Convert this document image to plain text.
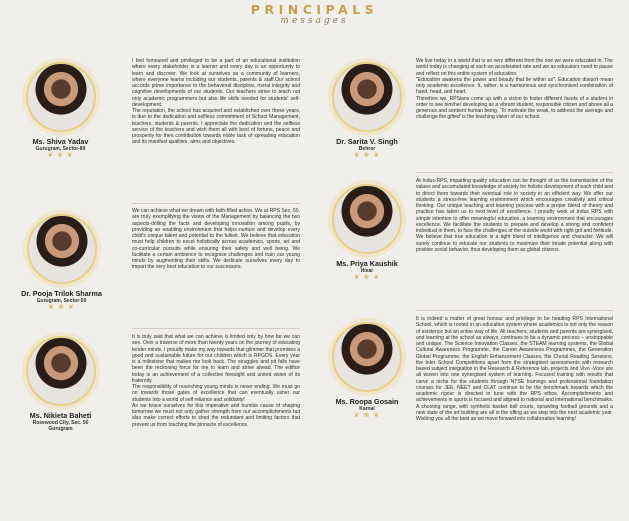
PRINCIPALS
messages
Ms. Shiva Yadav
Gurugram, Sector-89
❦ ❀ ❦
Dr. Pooja Trilok Sharma
Gurugram, Sector-50
❦ ❀ ❦
Ms. Nikieta Baheti
Rosewood City, Sec. 50 Gurugram

I feel honoured and privileged to be a part of an educational institution where every stakeholder is a learner and every day is an opportunity to learn and discover. We look at ourselves as a community of learners, where everyone learns including our students, parents & staff.Our school accords prime importance to the behavioral discipline, moral integrity and cognitive developments of our students. Our teachers strive to teach not only academic programmers but also life skills needed for students' self-development.

The reputation, the school has acquired and established over these years, is due to the dedication and selfless commitment of School Management, teachers, students & parents. I appreciate the dedication and the selfless service of the teachers and wish them all with best of fortune, peace and prosperity for their contribution towards noble task of spreading education and its manifest qualities, aims and objectives.

We can achieve what we dream with faith-filled action. We at RPS Sec. 50, are truly exemplifying the vision of the Management by balancing the two aspects-drilling the facts and developing innovation among pupils, by providing an enabling environment that helps nurture and develop every child's unique talent and potential to the fullest. We believe that education must help children to excel holistically across academics, sports, art and co-curricular pursuits while ensuring their safety and well being. We facilitate a certain ambience to recognise challenges and train our young minds by augmenting their skills. We dedicate ourselves every day to impart the very best education to our successors.

It is truly said that what we can achieve is limited only by how far we can see. Over a traverse of more than twenty years on the journey of educating tender minds, I proudly make my way towards that glimmer that promises a good and sustainable future for our children which is RPGOS. Every year is a milestone that makes me look back. The struggles and pit falls have been the reckoning force for me to learn and strive ahead. The edifice today is an achievement of a collective foresight and united vision of its fraternity.

The responsibility of nourishing young minds is never ending. We must go on towards those gates of excellence that can eventually usher our students into a world of self reliance and solidarity!

As we brace ourselves for this imperative and humble cause of shaping tomorrow we must not only gather strength from our accomplishments but also make correct efforts to shed the redundant and limiting factors that prevent us from touching the pinnacle of excellence.

Dr. Sarita V. Singh
Behror
❦ ❀ ❦
Ms. Priya Kaushik
Hisar
❦ ❀ ❦
Ms. Roopa Gosain
Karnal
❦ ❀ ❦

We live today in a world that is so very different from the one we were educated in. The world today is changing at such an accelerated rate and we as educators need to pause and reflect on this entire system of education.

"Education awakens the power and beauty that lie within us". Education doesn't mean only academic excellence. It, rather, is a harmonious and synchronised combination of hand, head, and heart.

Therefore we, RPSians come up with a vision to foster different facets of a student in order to see him/her developing as a vibrant student, responsible citizen and above all a generous and sentient human being. 'To motivate the weak, to address the average and challenge the gifted' is the teaching vision of our school.

At Indus-RPS, imparting quality education can be thought of as the transmission of the values and accumulated knowledge of society for holistic development of each child and to direct them towards their eventual role in society in an efficient way. We offer our students a stress-free learning environment which encourages creativity and critical thinking. Our unique teaching and learning process with a proper blend of theory and practice has taken us to next level of excellence. I proudly work at Indus RPS with simple intention to offer meaningful education, a learning environment that encourages excellence. We facilitate the students to prepare and develop a strong and confident individual in them, to face the challenges of the outside world with right grit and fortitude. We believe that true education is a right blend of intelligence and character. We will surely continue to educate our students to maximize their innate potential along with positive social behavior, thus developing them as global citizens.

It is indeed a matter of great honour and privilege to be heading RPS International School, which is rooted in an education system where academics is not only the reason of existence but an entire way of life. All teachers, students and parents are synergised, and learning at the school as always, continues to be a dynamic process – unstoppable and unique. The Science Innovation Classes, the STEAM learning systems, the Global Cultural Awareness Programme, the Career Awareness Programmes, the Generation Global Programme, the English Enhancement Classes, the Choral Reading Sessions, the Inter School Competitions apart from the strategised assessments with research based subject integration in the Research & Reference lab, projects and Vivo -Voce are all woven into one synergised system of learning. Focused training with results that carve a niche for the students through NTSE trainings and professional foundation courses for JEE, NEET and CLAT continue to be the benchmark towards which the academic rigour is directed in tune with the RPS ethos. Accomplishments and achievements in sports is focused and aligned to national and international benchmarks. A shooting range, with synthetic basket ball courts, sprawling football grounds and a new state of the art building are all in the offing as we step into the next academic year. Wishing you all the best as we move forward into collaborative learning!
